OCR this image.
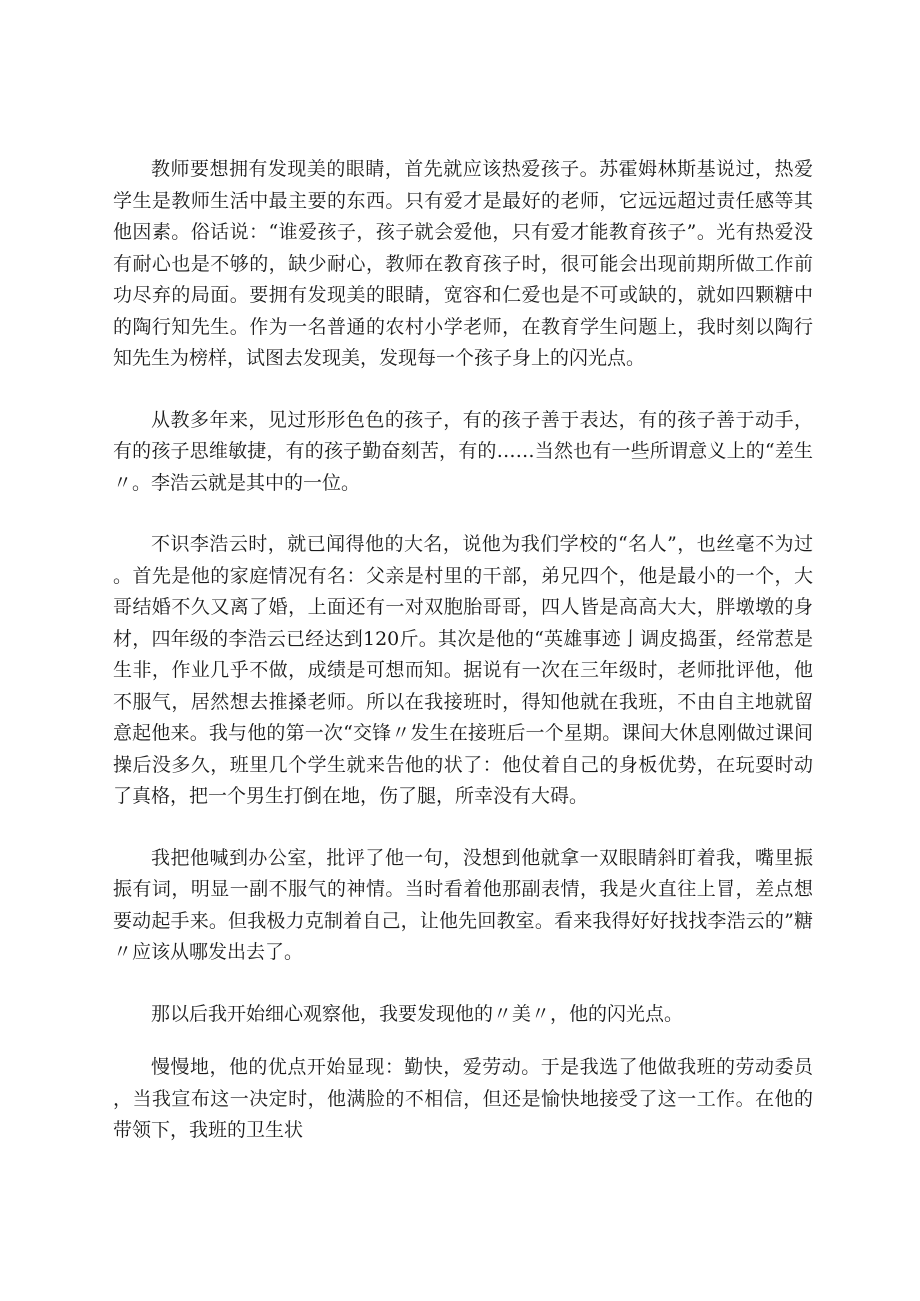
教师要想拥有发现美的眼睛，首先就应该热爱孩子。苏霍姆林斯基说过，热爱学生是教师生活中最主要的东西。只有爱才是最好的老师，它远远超过责任感等其他因素。俗话说：“谁爱孩子，孩子就会爱他，只有爱才能教育孩子”。光有热爱没有耐心也是不够的，缺少耐心，教师在教育孩子时，很可能会出现前期所做工作前功尽弃的局面。要拥有发现美的眼睛，宽容和仁爱也是不可或缺的，就如四颗糖中的陶行知先生。作为一名普通的农村小学老师，在教育学生问题上，我时刻以陶行知先生为榜样，试图去发现美，发现每一个孩子身上的闪光点。

从教多年来，见过形形色色的孩子，有的孩子善于表达，有的孩子善于动手，有的孩子思维敏捷，有的孩子勤奋刻苦，有的……当然也有一些所谓意义上的“差生〃。李浩云就是其中的一位。

不识李浩云时，就已闻得他的大名，说他为我们学校的“名人”，也丝毫不为过。首先是他的家庭情况有名：父亲是村里的干部，弟兄四个，他是最小的一个，大哥结婚不久又离了婚，上面还有一对双胞胎哥哥，四人皆是高高大大，胖墩墩的身材，四年级的李浩云已经达到120斤。其次是他的“英雄事迹亅调皮捣蛋，经常惹是生非，作业几乎不做，成绩是可想而知。据说有一次在三年级时，老师批评他，他不服气，居然想去推搡老师。所以在我接班时，得知他就在我班，不由自主地就留意起他来。我与他的第一次“交锋〃发生在接班后一个星期。课间大休息刚做过课间操后没多久，班里几个学生就来告他的状了：他仗着自己的身板优势，在玩耍时动了真格，把一个男生打倒在地，伤了腿，所幸没有大碍。

我把他喊到办公室，批评了他一句，没想到他就拿一双眼睛斜盯着我，嘴里振振有词，明显一副不服气的神情。当时看着他那副表情，我是火直往上冒，差点想要动起手来。但我极力克制着自己，让他先回教室。看来我得好好找找李浩云的”糖〃应该从哪发出去了。

那以后我开始细心观察他，我要发现他的〃美〃，他的闪光点。

慢慢地，他的优点开始显现：勤快，爱劳动。于是我选了他做我班的劳动委员，当我宣布这一决定时，他满脸的不相信，但还是愉快地接受了这一工作。在他的带领下，我班的卫生状
